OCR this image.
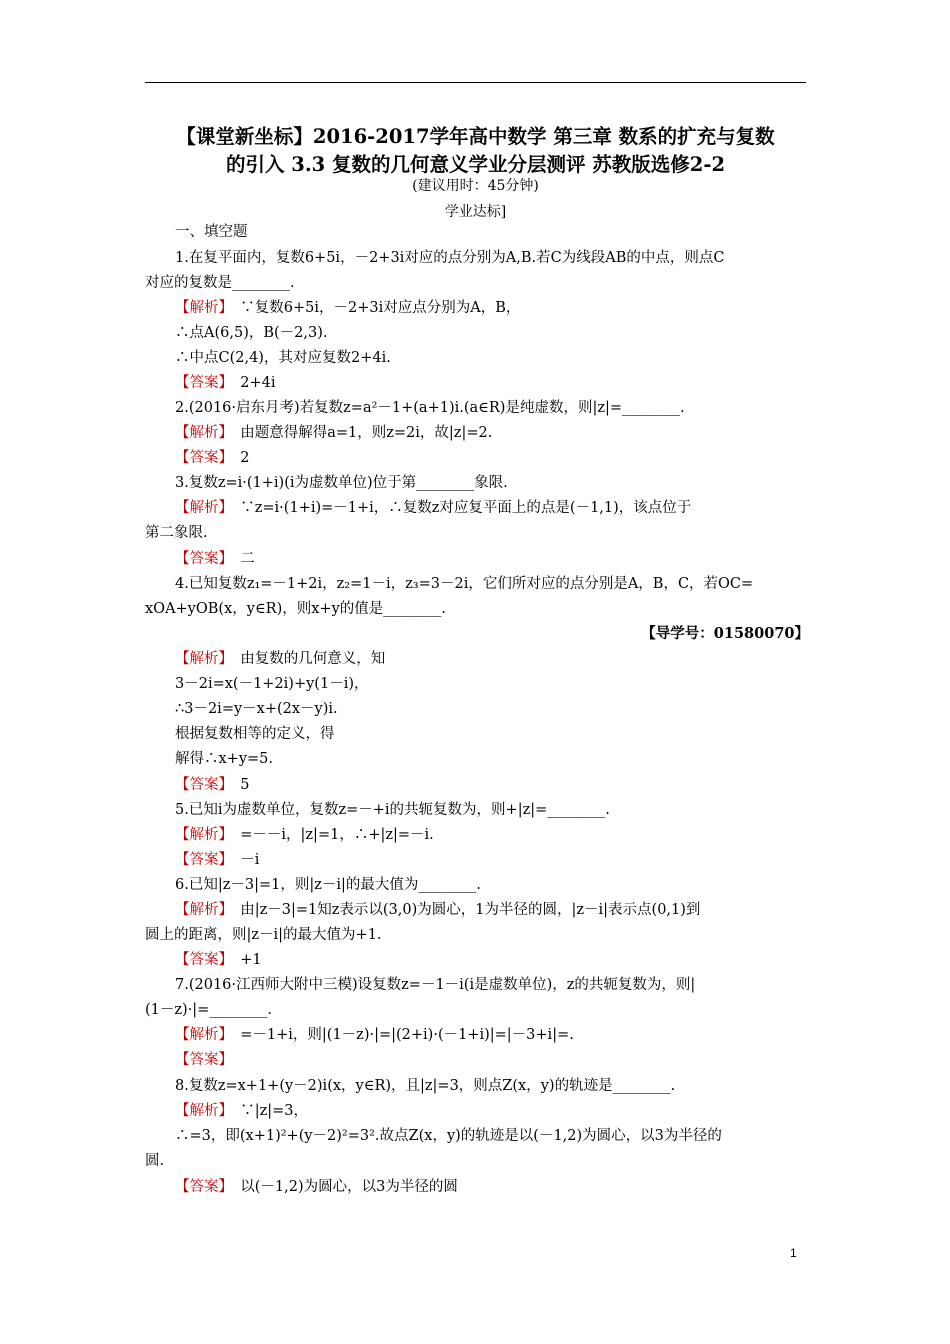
【课堂新坐标】2016-2017学年高中数学 第三章 数系的扩充与复数
的引入 3.3 复数的几何意义学业分层测评 苏教版选修2-2
(建议用时：45分钟)
学业达标]
一、填空题
1.在复平面内，复数6+5i，－2+3i对应的点分别为A,B.若C为线段AB的中点，则点C
对应的复数是________.
【解析】　 ∵复数6+5i，－2+3i对应点分别为A，B，
∴点A(6,5)，B(－2,3).
∴中点C(2,4)，其对应复数2+4i.
【答案】　 2+4i
2.(2016·启东月考)若复数z=a²－1+(a+1)i.(a∈R)是纯虚数，则|z|=________.
【解析】　 由题意得解得a=1，则z=2i，故|z|=2.
【答案】　 2
3.复数z=i·(1+i)(i为虚数单位)位于第________象限.
【解析】　 ∵z=i·(1+i)=－1+i，∴复数z对应复平面上的点是(－1,1)，该点位于
第二象限.
【答案】　 二
4.已知复数z₁=－1+2i，z₂=1－i，z₃=3－2i，它们所对应的点分别是A，B，C，若OC=
xOA+yOB(x，y∈R)，则x+y的值是________.
【导学号：01580070】
【解析】　 由复数的几何意义，知
3－2i=x(－1+2i)+y(1－i)，
∴3－2i=y－x+(2x－y)i.
根据复数相等的定义，得
解得∴x+y=5.
【答案】　 5
5.已知i为虚数单位，复数z=－+i的共轭复数为，则+|z|=________.
【解析】　 =－－i，|z|=1，∴+|z|=－i.
【答案】　 －i
6.已知|z－3|=1，则|z－i|的最大值为________.
【解析】　 由|z－3|=1知z表示以(3,0)为圆心，1为半径的圆，|z－i|表示点(0,1)到
圆上的距离，则|z－i|的最大值为+1.
【答案】　 +1
7.(2016·江西师大附中三模)设复数z=－1－i(i是虚数单位)，z的共轭复数为，则|
(1－z)·|=________.
【解析】　 =－1+i，则|(1－z)·|=|(2+i)·(－1+i)|=|－3+i|=.
【答案】　
8.复数z=x+1+(y－2)i(x，y∈R)，且|z|=3，则点Z(x，y)的轨迹是________.
【解析】　 ∵|z|=3，
∴=3，即(x+1)²+(y－2)²=3².故点Z(x，y)的轨迹是以(－1,2)为圆心，以3为半径的
圆.
【答案】　 以(－1,2)为圆心，以3为半径的圆
1
